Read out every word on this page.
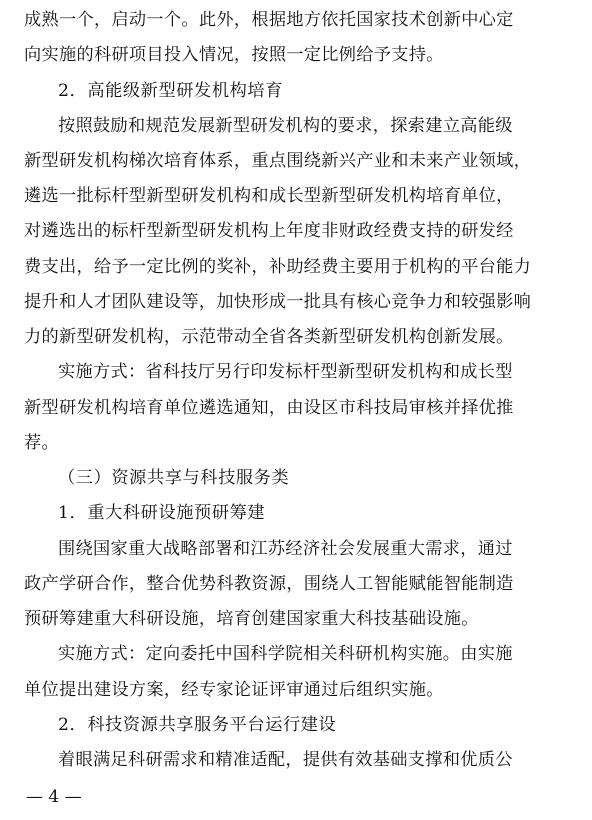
成熟一个，启动一个。此外，根据地方依托国家技术创新中心定
向实施的科研项目投入情况，按照一定比例给予支持。
2．高能级新型研发机构培育
按照鼓励和规范发展新型研发机构的要求，探索建立高能级
新型研发机构梯次培育体系，重点围绕新兴产业和未来产业领域，
遴选一批标杆型新型研发机构和成长型新型研发机构培育单位，
对遴选出的标杆型新型研发机构上年度非财政经费支持的研发经
费支出，给予一定比例的奖补，补助经费主要用于机构的平台能力
提升和人才团队建设等，加快形成一批具有核心竞争力和较强影响
力的新型研发机构，示范带动全省各类新型研发机构创新发展。
实施方式：省科技厅另行印发标杆型新型研发机构和成长型
新型研发机构培育单位遴选通知，由设区市科技局审核并择优推
荐。
（三）资源共享与科技服务类
1．重大科研设施预研筹建
围绕国家重大战略部署和江苏经济社会发展重大需求，通过
政产学研合作，整合优势科教资源，围绕人工智能赋能智能制造
预研筹建重大科研设施，培育创建国家重大科技基础设施。
实施方式：定向委托中国科学院相关科研机构实施。由实施
单位提出建设方案，经专家论证评审通过后组织实施。
2．科技资源共享服务平台运行建设
着眼满足科研需求和精准适配，提供有效基础支撑和优质公
— 4 —
